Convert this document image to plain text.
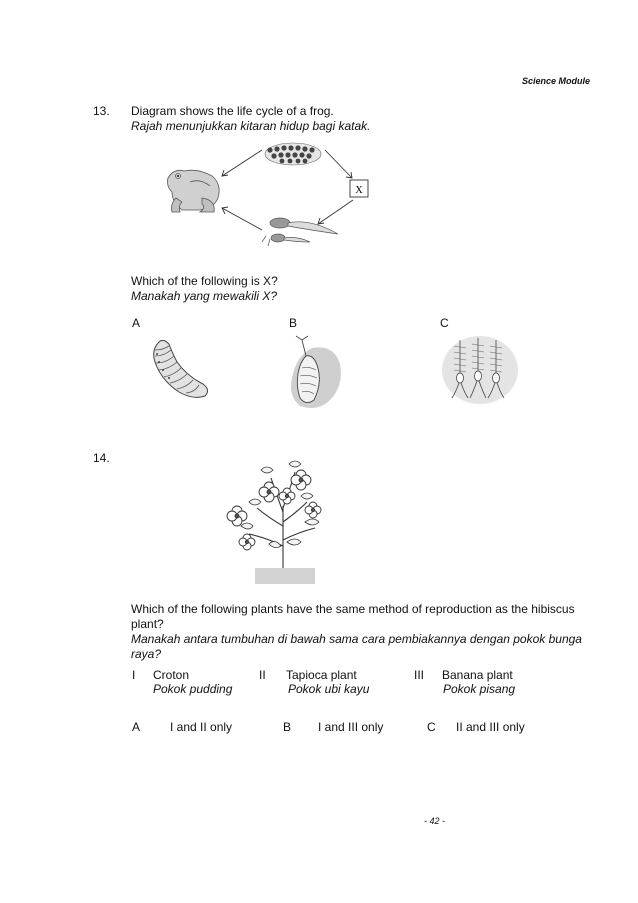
Science Module
13. Diagram shows the life cycle of a frog.
Rajah menunjukkan kitaran hidup bagi katak.
X
Which of the following is X?
Manakah yang mewakili X?
A	B	C
14.
Which of the following plants have the same method of reproduction as the hibiscus
plant?
Manakah antara tumbuhan di bawah sama cara pembiakannya dengan pokok bunga
raya?
I Croton
Pokok pudding
II Tapioca plant
Pokok ubi kayu
III Banana plant
Pokok pisang
A I and II only	B I and III only	C II and III only
- 42 -
